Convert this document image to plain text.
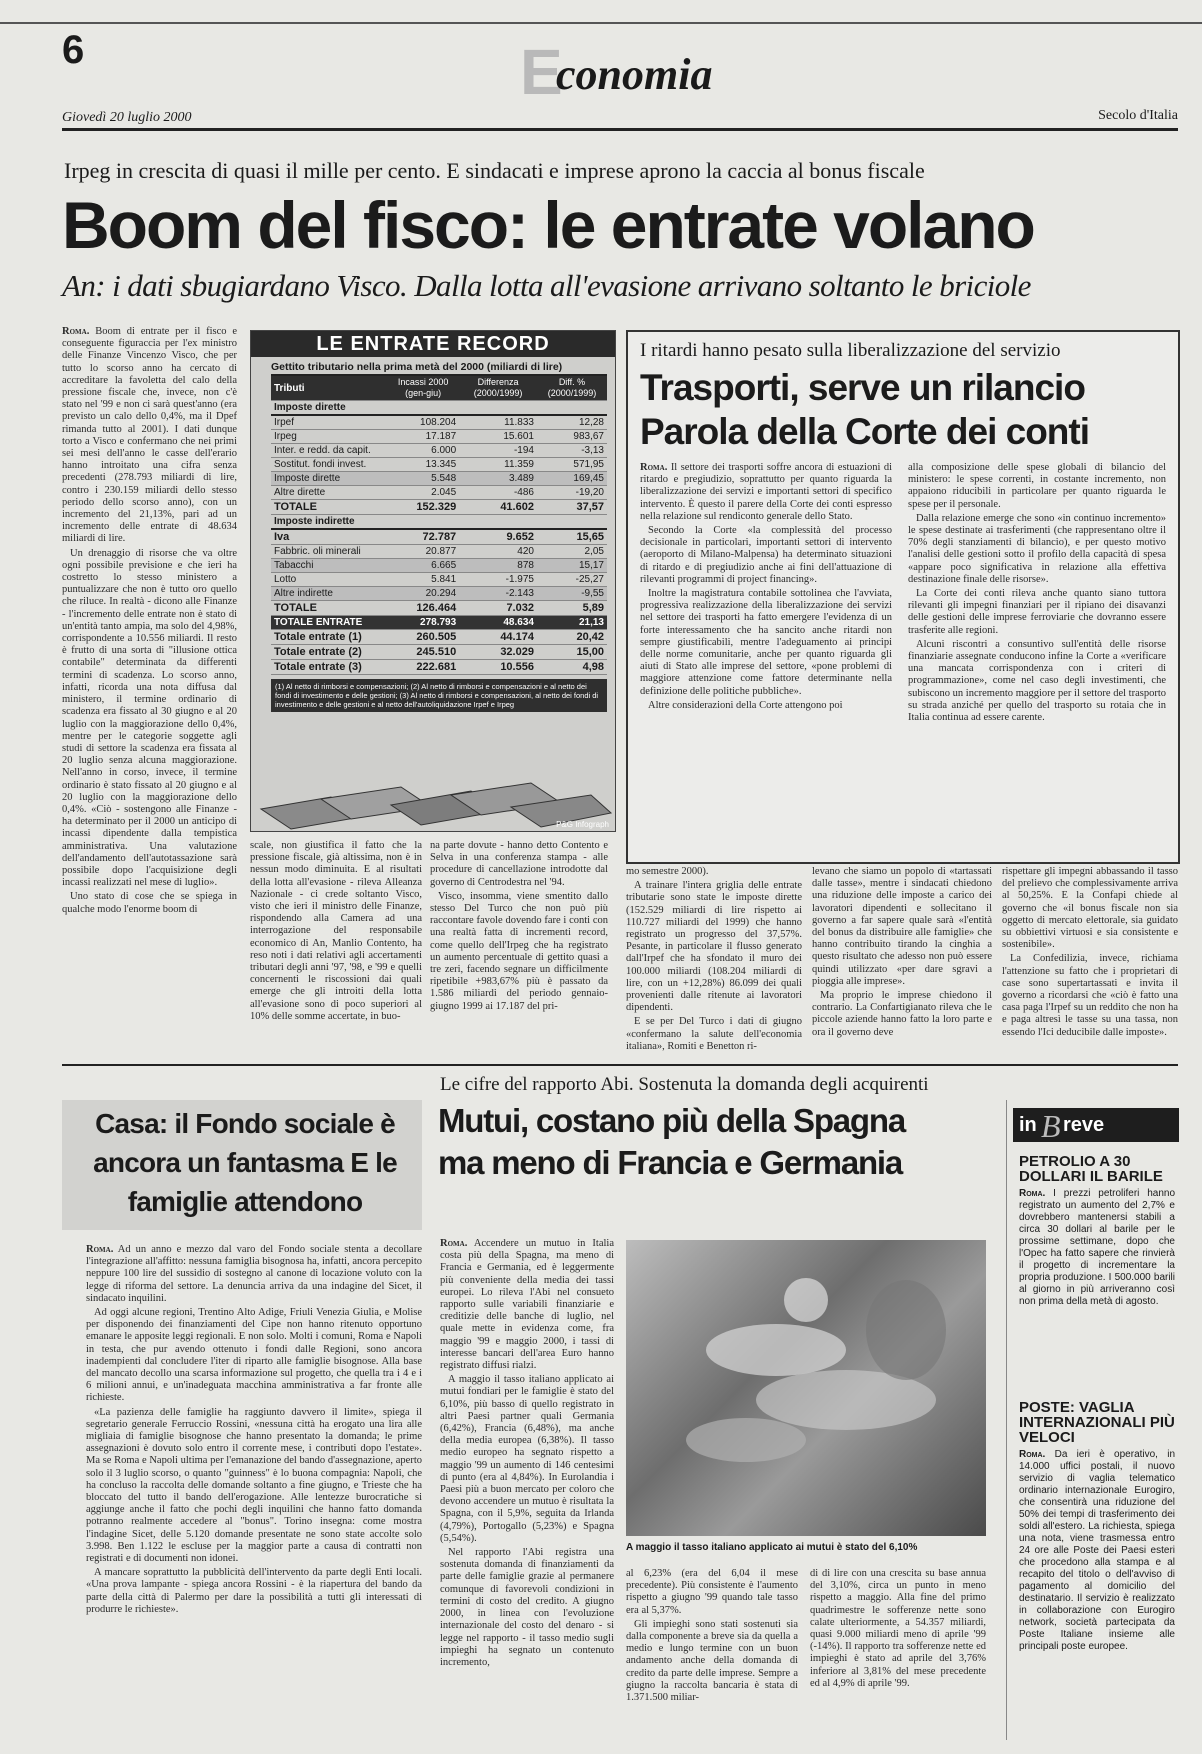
6	E
conomia
Giovedì 20 luglio 2000	Secolo d'Italia
Irpeg in crescita di quasi il mille per cento. E sindacati e imprese aprono la caccia al bonus fiscale
Boom del fisco: le entrate volano
An: i dati sbugiardano Visco. Dalla lotta all'evasione arrivano soltanto le briciole

Roma. Boom di entrate per il fisco e conseguente figuraccia per l'ex ministro delle Finanze Vincenzo Visco, che per tutto lo scorso anno ha cercato di accreditare la favoletta del calo della pressione fiscale che, invece, non c'è stato nel '99 e non ci sarà quest'anno (era previsto un calo dello 0,4%, ma il Dpef rimanda tutto al 2001). I dati dunque torto a Visco e confermano che nei primi sei mesi dell'anno le casse dell'erario hanno introitato una cifra senza precedenti (278.793 miliardi di lire, contro i 230.159 miliardi dello stesso periodo dello scorso anno), con un incremento del 21,13%, pari ad un incremento delle entrate di 48.634 miliardi di lire.

Un drenaggio di risorse che va oltre ogni possibile previsione e che ieri ha costretto lo stesso ministero a puntualizzare che non è tutto oro quello che riluce. In realtà - dicono alle Finanze - l'incremento delle entrate non è stato di un'entità tanto ampia, ma solo del 4,98%, corrispondente a 10.556 miliardi. Il resto è frutto di una sorta di "illusione ottica contabile" determinata da differenti termini di scadenza. Lo scorso anno, infatti, ricorda una nota diffusa dal ministero, il termine ordinario di scadenza era fissato al 30 giugno e al 20 luglio con la maggiorazione dello 0,4%, mentre per le categorie soggette agli studi di settore la scadenza era fissata al 20 luglio senza alcuna maggiorazione. Nell'anno in corso, invece, il termine ordinario è stato fissato al 20 giugno e al 20 luglio con la maggiorazione dello 0,4%. «Ciò - sostengono alle Finanze - ha determinato per il 2000 un anticipo di incassi dipendente dalla tempistica amministrativa. Una valutazione dell'andamento dell'autotassazione sarà possibile dopo l'acquisizione degli incassi realizzati nel mese di luglio».

Uno stato di cose che se spiega in qualche modo l'enorme boom di

LE ENTRATE RECORD
Gettito tributario nella prima metà del 2000 (miliardi di lire)
Tributi	Incassi 2000 (gen-giu)	Differenza (2000/1999)	Diff. % (2000/1999)
Imposte dirette			
Irpef	108.204	11.833	12,28
Irpeg	17.187	15.601	983,67
Inter. e redd. da capit.	6.000	-194	-3,13
Sostitut. fondi invest.	13.345	11.359	571,95
Imposte dirette	5.548	3.489	169,45
Altre dirette	2.045	-486	-19,20
TOTALE	152.329	41.602	37,57
Imposte indirette			
Iva	72.787	9.652	15,65
Fabbric. oli minerali	20.877	420	2,05
Tabacchi	6.665	878	15,17
Lotto	5.841	-1.975	-25,27
Altre indirette	20.294	-2.143	-9,55
TOTALE	126.464	7.032	5,89
TOTALE ENTRATE	278.793	48.634	21,13
Totale entrate (1)	260.505	44.174	20,42
Totale entrate (2)	245.510	32.029	15,00
Totale entrate (3)	222.681	10.556	4,98
(1) Al netto di rimborsi e compensazioni; (2) Al netto di rimborsi e compensazioni e al netto dei fondi di investimento e delle gestioni; (3) Al netto di rimborsi e compensazioni, al netto dei fondi di investimento e delle gestioni e al netto dell'autoliquidazione Irpef e Irpeg
P&G Infograph
I ritardi hanno pesato sulla liberalizzazione del servizio
Trasporti, serve un rilancio
Parola della Corte dei conti

Roma. Il settore dei trasporti soffre ancora di estuazioni di ritardo e pregiudizio, soprattutto per quanto riguarda la liberalizzazione dei servizi e importanti settori di specifico intervento. È questo il parere della Corte dei conti espresso nella relazione sul rendiconto generale dello Stato.

Secondo la Corte «la complessità del processo decisionale in particolari, importanti settori di intervento (aeroporto di Milano-Malpensa) ha determinato situazioni di ritardo e di pregiudizio anche ai fini dell'attuazione di rilevanti programmi di project financing».

Inoltre la magistratura contabile sottolinea che l'avviata, progressiva realizzazione della liberalizzazione dei servizi nel settore dei trasporti ha fatto emergere l'evidenza di un forte interessamento che ha sancito anche ritardi non sempre giustificabili, mentre l'adeguamento ai principi delle norme comunitarie, anche per quanto riguarda gli aiuti di Stato alle imprese del settore, «pone problemi di maggiore attenzione come fattore determinante nella definizione delle politiche pubbliche».

Altre considerazioni della Corte attengono poi

alla composizione delle spese globali di bilancio del ministero: le spese correnti, in costante incremento, non appaiono riducibili in particolare per quanto riguarda le spese per il personale.

Dalla relazione emerge che sono «in continuo incremento» le spese destinate ai trasferimenti (che rappresentano oltre il 70% degli stanziamenti di bilancio), e per questo motivo l'analisi delle gestioni sotto il profilo della capacità di spesa «appare poco significativa in relazione alla effettiva destinazione finale delle risorse».

La Corte dei conti rileva anche quanto siano tuttora rilevanti gli impegni finanziari per il ripiano dei disavanzi delle gestioni delle imprese ferroviarie che dovranno essere trasferite alle regioni.

Alcuni riscontri a consuntivo sull'entità delle risorse finanziarie assegnate conducono infine la Corte a «verificare una mancata corrispondenza con i criteri di programmazione», come nel caso degli investimenti, che subiscono un incremento maggiore per il settore del trasporto su strada anziché per quello del trasporto su rotaia che in Italia continua ad essere carente.

scale, non giustifica il fatto che la pressione fiscale, già altissima, non è in nessun modo diminuita. E al risultati della lotta all'evasione - rileva Alleanza Nazionale - ci crede soltanto Visco, visto che ieri il ministro delle Finanze, rispondendo alla Camera ad una interrogazione del responsabile economico di An, Manlio Contento, ha reso noti i dati relativi agli accertamenti tributari degli anni '97, '98, e '99 e quelli concernenti le riscossioni dai quali emerge che gli introiti della lotta all'evasione sono di poco superiori al 10% delle somme accertate, in buo-

na parte dovute - hanno detto Contento e Selva in una conferenza stampa - alle procedure di cancellazione introdotte dal governo di Centrodestra nel '94.

Visco, insomma, viene smentito dallo stesso Del Turco che non può più raccontare favole dovendo fare i conti con una realtà fatta di incrementi record, come quello dell'Irpeg che ha registrato un aumento percentuale di gettito quasi a tre zeri, facendo segnare un difficilmente ripetibile +983,67% più è passato da 1.586 miliardi del periodo gennaio-giugno 1999 ai 17.187 del pri-

mo semestre 2000).

A trainare l'intera griglia delle entrate tributarie sono state le imposte dirette (152.529 miliardi di lire rispetto ai 110.727 miliardi del 1999) che hanno registrato un progresso del 37,57%. Pesante, in particolare il flusso generato dall'Irpef che ha sfondato il muro dei 100.000 miliardi (108.204 miliardi di lire, con un +12,28%) 86.099 dei quali provenienti dalle ritenute ai lavoratori dipendenti.

E se per Del Turco i dati di giugno «confermano la salute dell'economia italiana», Romiti e Benetton ri-

levano che siamo un popolo di «tartassati dalle tasse», mentre i sindacati chiedono una riduzione delle imposte a carico dei lavoratori dipendenti e sollecitano il governo a far sapere quale sarà «l'entità del bonus da distribuire alle famiglie» che hanno contribuito tirando la cinghia a questo risultato che adesso non può essere quindi utilizzato «per dare sgravi a pioggia alle imprese».

Ma proprio le imprese chiedono il contrario. La Confartigianato rileva che le piccole aziende hanno fatto la loro parte e ora il governo deve

rispettare gli impegni abbassando il tasso del prelievo che complessivamente arriva al 50,25%. E la Confapi chiede al governo che «il bonus fiscale non sia oggetto di mercato elettorale, sia guidato su obbiettivi virtuosi e sia consistente e sostenibile».

La Confedilizia, invece, richiama l'attenzione su fatto che i proprietari di case sono supertartassati e invita il governo a ricordarsi che «ciò è fatto una casa paga l'Irpef su un reddito che non ha e paga altresì le tasse su una tassa, non essendo l'Ici deducibile dalle imposte».

Casa: il Fondo sociale è ancora un fantasma E le famiglie attendono

Roma. Ad un anno e mezzo dal varo del Fondo sociale stenta a decollare l'integrazione all'affitto: nessuna famiglia bisognosa ha, infatti, ancora percepito neppure 100 lire del sussidio di sostegno al canone di locazione voluto con la legge di riforma del settore. La denuncia arriva da una indagine del Sicet, il sindacato inquilini.

Ad oggi alcune regioni, Trentino Alto Adige, Friuli Venezia Giulia, e Molise per disponendo dei finanziamenti del Cipe non hanno ritenuto opportuno emanare le apposite leggi regionali. E non solo. Molti i comuni, Roma e Napoli in testa, che pur avendo ottenuto i fondi dalle Regioni, sono ancora inadempienti dal concludere l'iter di riparto alle famiglie bisognose. Alla base del mancato decollo una scarsa informazione sul progetto, che quella tra i 4 e i 6 milioni annui, e un'inadeguata macchina amministrativa a far fronte alle richieste.

«La pazienza delle famiglie ha raggiunto davvero il limite», spiega il segretario generale Ferruccio Rossini, «nessuna città ha erogato una lira alle migliaia di famiglie bisognose che hanno presentato la domanda; le prime assegnazioni è dovuto solo entro il corrente mese, i contributi dopo l'estate». Ma se Roma e Napoli ultima per l'emanazione del bando d'assegnazione, aperto solo il 3 luglio scorso, o quanto "guinness" è lo buona compagnia: Napoli, che ha concluso la raccolta delle domande soltanto a fine giugno, e Trieste che ha bloccato del tutto il bando dell'erogazione. Alle lentezze burocratiche si aggiunge anche il fatto che pochi degli inquilini che hanno fatto domanda potranno realmente accedere al "bonus". Torino insegna: come mostra l'indagine Sicet, delle 5.120 domande presentate ne sono state accolte solo 3.998. Ben 1.122 le escluse per la maggior parte a causa di contratti non registrati e di documenti non idonei.

A mancare soprattutto la pubblicità dell'intervento da parte degli Enti locali. «Una prova lampante - spiega ancora Rossini - è la riapertura del bando da parte della città di Palermo per dare la possibilità a tutti gli interessati di produrre le richieste».

Le cifre del rapporto Abi. Sostenuta la domanda degli acquirenti
Mutui, costano più della Spagna
ma meno di Francia e Germania

Roma. Accendere un mutuo in Italia costa più della Spagna, ma meno di Francia e Germania, ed è leggermente più conveniente della media dei tassi europei. Lo rileva l'Abi nel consueto rapporto sulle variabili finanziarie e creditizie delle banche di luglio, nel quale mette in evidenza come, fra maggio '99 e maggio 2000, i tassi di interesse bancari dell'area Euro hanno registrato diffusi rialzi.

A maggio il tasso italiano applicato ai mutui fondiari per le famiglie è stato del 6,10%, più basso di quello registrato in altri Paesi partner quali Germania (6,42%), Francia (6,48%), ma anche della media europea (6,38%). Il tasso medio europeo ha segnato rispetto a maggio '99 un aumento di 146 centesimi di punto (era al 4,84%). In Eurolandia i Paesi più a buon mercato per coloro che devono accendere un mutuo è risultata la Spagna, con il 5,9%, seguita da Irlanda (4,79%), Portogallo (5,23%) e Spagna (5,54%).

Nel rapporto l'Abi registra una sostenuta domanda di finanziamenti da parte delle famiglie grazie al permanere comunque di favorevoli condizioni in termini di costo del credito. A giugno 2000, in linea con l'evoluzione internazionale del costo del denaro - si legge nel rapporto - il tasso medio sugli impieghi ha segnato un contenuto incremento,

A maggio il tasso italiano applicato ai mutui è stato del 6,10%

al 6,23% (era del 6,04 il mese precedente). Più consistente è l'aumento rispetto a giugno '99 quando tale tasso era al 5,37%.

Gli impieghi sono stati sostenuti sia dalla componente a breve sia da quella a medio e lungo termine con un buon andamento anche della domanda di credito da parte delle imprese. Sempre a giugno la raccolta bancaria è stata di 1.371.500 miliar-

di di lire con una crescita su base annua del 3,10%, circa un punto in meno rispetto a maggio. Alla fine del primo quadrimestre le sofferenze nette sono calate ulteriormente, a 54.357 miliardi, quasi 9.000 miliardi meno di aprile '99 (-14%). Il rapporto tra sofferenze nette ed impieghi è stato ad aprile del 3,76% inferiore al 3,81% del mese precedente ed al 4,9% di aprile '99.

in B reve
PETROLIO A 30 DOLLARI IL BARILE

Roma. I prezzi petroliferi hanno registrato un aumento del 2,7% e dovrebbero mantenersi stabili a circa 30 dollari al barile per le prossime settimane, dopo che l'Opec ha fatto sapere che rinvierà il progetto di incrementare la propria produzione. I 500.000 barili al giorno in più arriveranno così non prima della metà di agosto.

POSTE: VAGLIA INTERNAZIONALI PIÙ VELOCI

Roma. Da ieri è operativo, in 14.000 uffici postali, il nuovo servizio di vaglia telematico ordinario internazionale Eurogiro, che consentirà una riduzione del 50% dei tempi di trasferimento dei soldi all'estero. La richiesta, spiega una nota, viene trasmessa entro 24 ore alle Poste dei Paesi esteri che procedono alla stampa e al recapito del titolo o dell'avviso di pagamento al domicilio del destinatario. Il servizio è realizzato in collaborazione con Eurogiro network, società partecipata da Poste Italiane insieme alle principali poste europee.
